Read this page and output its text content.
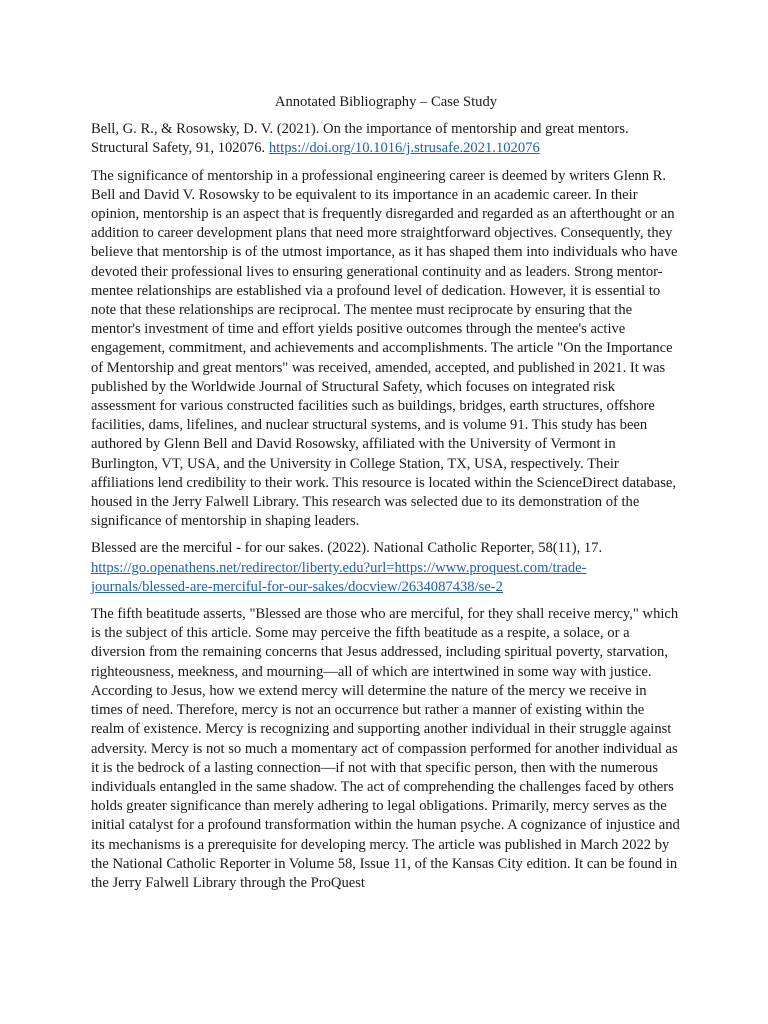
Annotated Bibliography – Case Study

Bell, G. R., & Rosowsky, D. V. (2021). On the importance of mentorship and great mentors. Structural Safety, 91, 102076. https://doi.org/10.1016/j.strusafe.2021.102076

The significance of mentorship in a professional engineering career is deemed by writers Glenn R. Bell and David V. Rosowsky to be equivalent to its importance in an academic career. In their opinion, mentorship is an aspect that is frequently disregarded and regarded as an afterthought or an addition to career development plans that need more straightforward objectives. Consequently, they believe that mentorship is of the utmost importance, as it has shaped them into individuals who have devoted their professional lives to ensuring generational continuity and as leaders. Strong mentor-mentee relationships are established via a profound level of dedication. However, it is essential to note that these relationships are reciprocal. The mentee must reciprocate by ensuring that the mentor's investment of time and effort yields positive outcomes through the mentee's active engagement, commitment, and achievements and accomplishments. The article "On the Importance of Mentorship and great mentors" was received, amended, accepted, and published in 2021. It was published by the Worldwide Journal of Structural Safety, which focuses on integrated risk assessment for various constructed facilities such as buildings, bridges, earth structures, offshore facilities, dams, lifelines, and nuclear structural systems, and is volume 91. This study has been authored by Glenn Bell and David Rosowsky, affiliated with the University of Vermont in Burlington, VT, USA, and the University in College Station, TX, USA, respectively. Their affiliations lend credibility to their work. This resource is located within the ScienceDirect database, housed in the Jerry Falwell Library. This research was selected due to its demonstration of the significance of mentorship in shaping leaders.

Blessed are the merciful - for our sakes. (2022). National Catholic Reporter, 58(11), 17. https://go.openathens.net/redirector/liberty.edu?url=https://www.proquest.com/trade-journals/blessed-are-merciful-for-our-sakes/docview/2634087438/se-2

The fifth beatitude asserts, "Blessed are those who are merciful, for they shall receive mercy," which is the subject of this article. Some may perceive the fifth beatitude as a respite, a solace, or a diversion from the remaining concerns that Jesus addressed, including spiritual poverty, starvation, righteousness, meekness, and mourning—all of which are intertwined in some way with justice. According to Jesus, how we extend mercy will determine the nature of the mercy we receive in times of need. Therefore, mercy is not an occurrence but rather a manner of existing within the realm of existence. Mercy is recognizing and supporting another individual in their struggle against adversity. Mercy is not so much a momentary act of compassion performed for another individual as it is the bedrock of a lasting connection—if not with that specific person, then with the numerous individuals entangled in the same shadow. The act of comprehending the challenges faced by others holds greater significance than merely adhering to legal obligations. Primarily, mercy serves as the initial catalyst for a profound transformation within the human psyche. A cognizance of injustice and its mechanisms is a prerequisite for developing mercy. The article was published in March 2022 by the National Catholic Reporter in Volume 58, Issue 11, of the Kansas City edition. It can be found in the Jerry Falwell Library through the ProQuest
